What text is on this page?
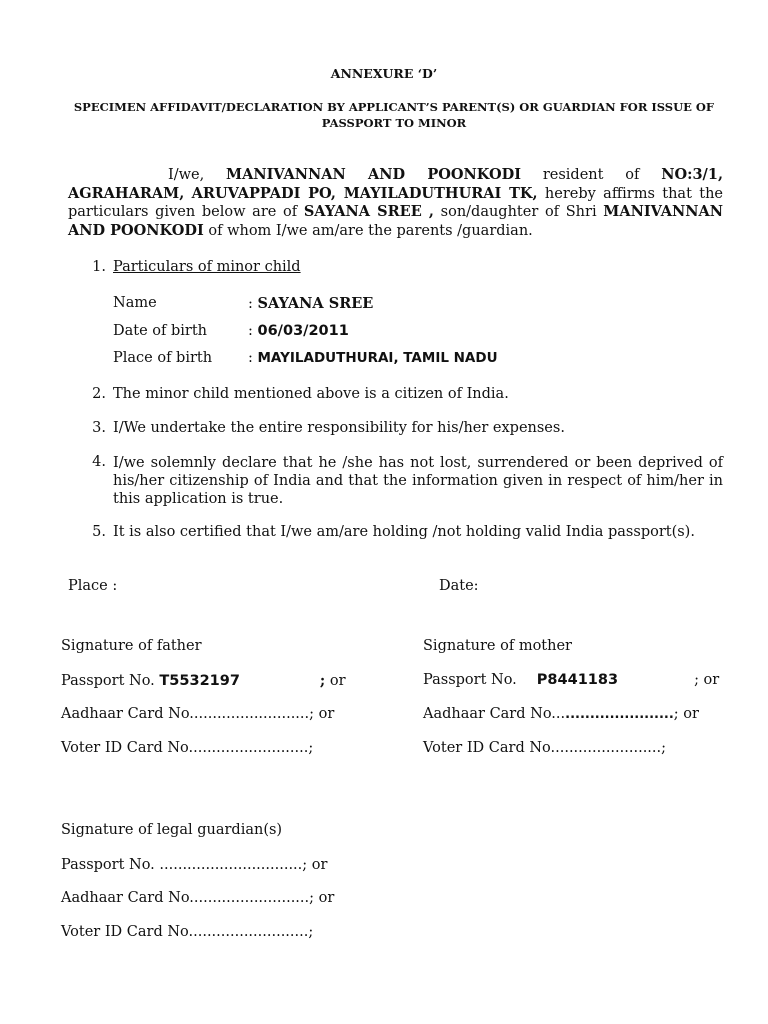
ANNEXURE ‘D’
SPECIMEN AFFIDAVIT/DECLARATION BY APPLICANT’S PARENT(S) OR GUARDIAN FOR ISSUE OF
PASSPORT TO MINOR
I/we, MANIVANNAN AND POONKODI resident of NO:3/1, AGRAHARAM, ARUVAPPADI PO, MAYILADUTHURAI TK, hereby affirms that the particulars given below are of SAYANA SREE , son/daughter of Shri MANIVANNAN AND POONKODI of whom I/we am/are the parents /guardian.
1. Particulars of minor child
Name	: SAYANA SREE
Date of birth	: 06/03/2011
Place of birth : MAYILADUTHURAI, TAMIL NADU
2. The minor child mentioned above is a citizen of India.
3. I/We undertake the entire responsibility for his/her expenses.
4. I/we solemnly declare that he /she has not lost, surrendered or been deprived of his/her citizenship of India and that the information given in respect of him/her in this application is true.
5. It is also certified that I/we am/are holding /not holding valid India passport(s).
Place :	Date:
Signature of father
Passport No. T5532197	; or
Aadhaar Card No..........................; or
Voter ID Card No..........................;
Signature of mother
Passport No. P8441183	; or
Aadhaar Card No.........................; or
Voter ID Card No........................;
Signature of legal guardian(s)
Passport No. ...............................; or
Aadhaar Card No..........................; or
Voter ID Card No..........................;
